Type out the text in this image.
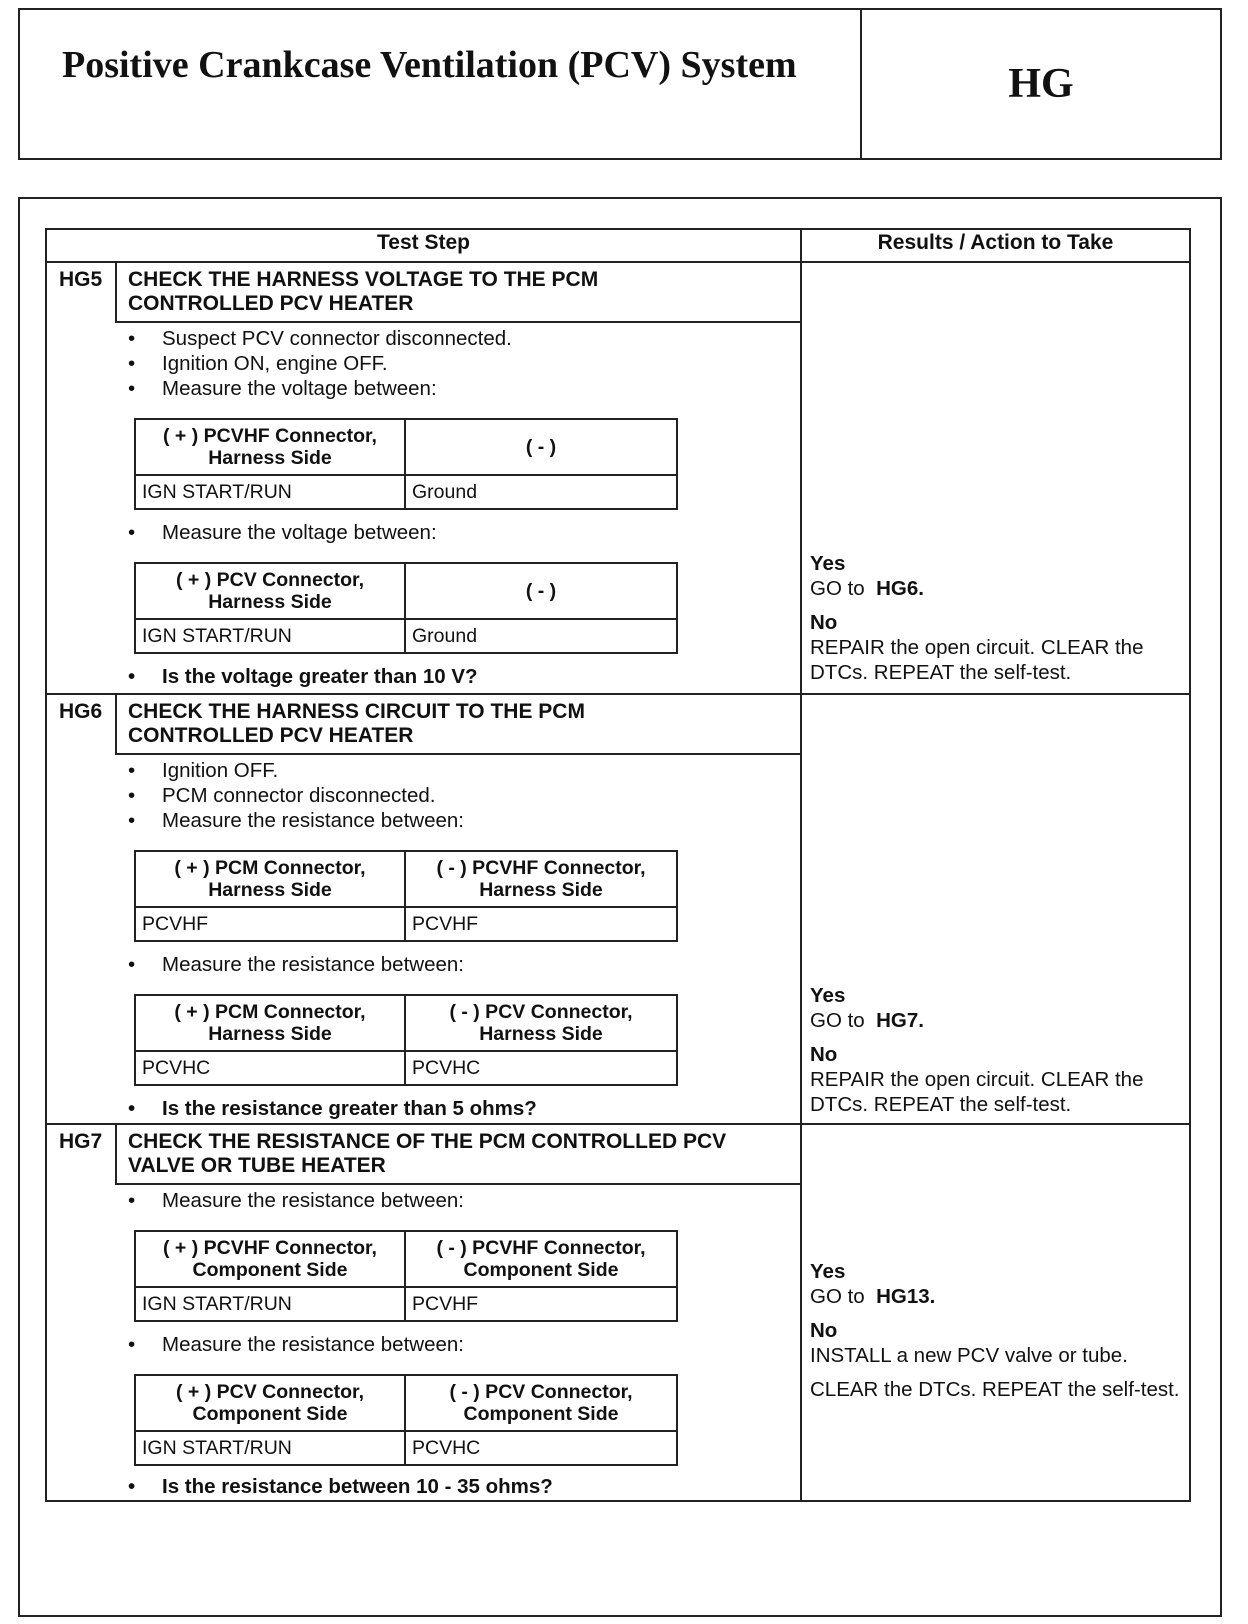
Positive Crankcase Ventilation (PCV) System	HG
Test Step	Results / Action to Take
HG5 CHECK THE HARNESS VOLTAGE TO THE PCM CONTROLLED PCV HEATER
• Suspect PCV connector disconnected.
• Ignition ON, engine OFF.
• Measure the voltage between:
( + ) PCVHF Connector, Harness Side	( - )
IGN START/RUN	Ground
• Measure the voltage between:
( + ) PCV Connector, Harness Side	( - )
IGN START/RUN	Ground
• Is the voltage greater than 10 V?
Yes
GO to HG6.
No
REPAIR the open circuit. CLEAR the DTCs. REPEAT the self-test.
HG6 CHECK THE HARNESS CIRCUIT TO THE PCM CONTROLLED PCV HEATER
• Ignition OFF.
• PCM connector disconnected.
• Measure the resistance between:
( + ) PCM Connector, Harness Side	( - ) PCVHF Connector, Harness Side
PCVHF	PCVHF
• Measure the resistance between:
( + ) PCM Connector, Harness Side	( - ) PCV Connector, Harness Side
PCVHC	PCVHC
• Is the resistance greater than 5 ohms?
Yes
GO to HG7.
No
REPAIR the open circuit. CLEAR the DTCs. REPEAT the self-test.
HG7 CHECK THE RESISTANCE OF THE PCM CONTROLLED PCV VALVE OR TUBE HEATER
• Measure the resistance between:
( + ) PCVHF Connector, Component Side	( - ) PCVHF Connector, Component Side
IGN START/RUN	PCVHF
• Measure the resistance between:
( + ) PCV Connector, Component Side	( - ) PCV Connector, Component Side
IGN START/RUN	PCVHC
• Is the resistance between 10 - 35 ohms?
Yes
GO to HG13.
No
INSTALL a new PCV valve or tube.
CLEAR the DTCs. REPEAT the self-test.
